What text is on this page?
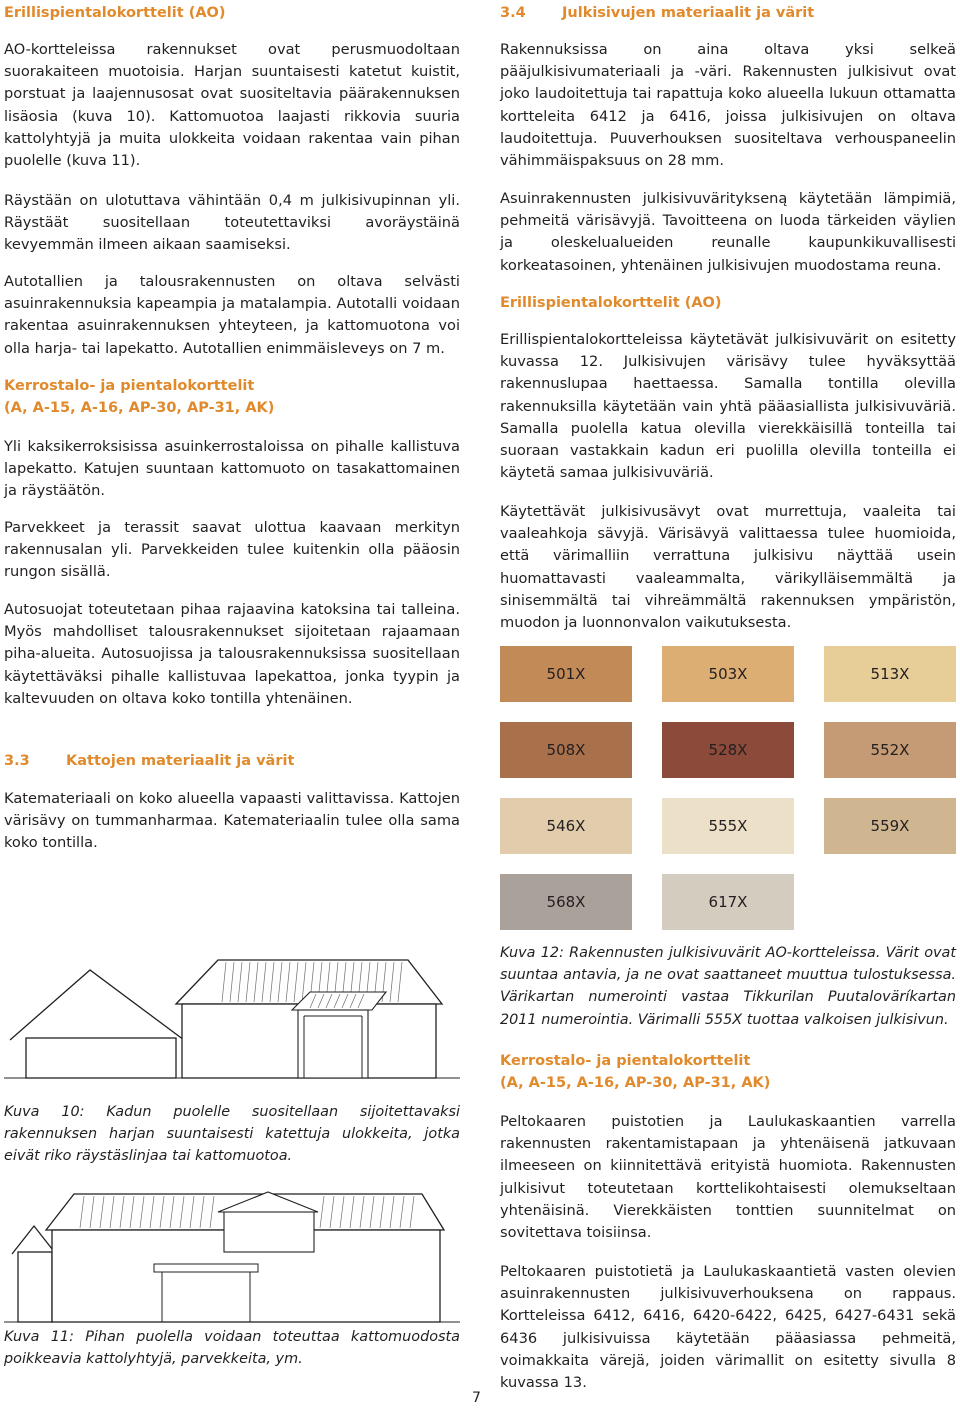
Erillispientalokorttelit (AO)

AO-kortteleissa rakennukset ovat perusmuodoltaan suorakaiteen muotoisia. Harjan suuntaisesti katetut kuistit, porstuat ja laajennusosat ovat suositeltavia päärakennuksen lisäosia (kuva 10). Kattomuotoa laajasti rikkovia suuria kattolyhtyjä ja muita ulokkeita voidaan rakentaa vain pihan puolelle (kuva 11).

Räystään on ulotuttava vähintään 0,4 m julkisivupinnan yli. Räystäät suositellaan toteutettaviksi avoräystäinä kevyemmän ilmeen aikaan saamiseksi.

Autotallien ja talousrakennusten on oltava selvästi asuinrakennuksia kapeampia ja matalampia. Autotalli voidaan rakentaa asuinrakennuksen yhteyteen, ja kattomuotona voi olla harja- tai lapekatto. Autotallien enimmäisleveys on 7 m.

Kerrostalo- ja pientalokorttelit
(A, A-15, A-16, AP-30, AP-31, AK)

Yli kaksikerroksisissa asuinkerrostaloissa on pihalle kallistuva lapekatto. Katujen suuntaan kattomuoto on tasakattomainen ja räystäätön.

Parvekkeet ja terassit saavat ulottua kaavaan merkityn rakennusalan yli. Parvekkeiden tulee kuitenkin olla pääosin rungon sisällä.

Autosuojat toteutetaan pihaa rajaavina katoksina tai talleina. Myös mahdolliset talousrakennukset sijoitetaan rajaamaan piha-alueita. Autosuojissa ja talousrakennuksissa suositellaan käytettäväksi pihalle kallistuvaa lapekattoa, jonka tyypin ja kaltevuuden on oltava koko tontilla yhtenäinen.

3.3	Kattojen materiaalit ja värit

Katemateriaali on koko alueella vapaasti valittavissa. Kattojen värisävy on tummanharmaa. Katemateriaalin tulee olla sama koko tontilla.

Kuva 10: Kadun puolelle suositellaan sijoitettavaksi rakennuksen harjan suuntaisesti katettuja ulokkeita, jotka eivät riko räystäslinjaa tai kattomuotoa.

Kuva 11: Pihan puolella voidaan toteuttaa kattomuodosta poikkeavia kattolyhtyjä, parvekkeita, ym.

3.4	Julkisivujen materiaalit ja värit

Rakennuksissa on aina oltava yksi selkeä pääjulkisivumateriaali ja -väri. Rakennusten julkisivut ovat joko laudoitettuja tai rapattuja koko alueella lukuun ottamatta kortteleita 6412 ja 6416, joissa julkisivujen on oltava laudoitettuja. Puuverhouksen suositeltava verhouspaneelin vähimmäispaksuus on 28 mm.

Asuinrakennusten julkisivuväritykseną käytetään lämpimiä, pehmeitä värisävyjä. Tavoitteena on luoda tärkeiden väylien ja oleskelualueiden reunalle kaupunkikuvallisesti korkeatasoinen, yhtenäinen julkisivujen muodostama reuna.

Erillispientalokorttelit (AO)

Erillispientalokortteleissa käytetävät julkisivuvärit on esitetty kuvassa 12. Julkisivujen värisävy tulee hyväksyttää rakennuslupaa haettaessa. Samalla tontilla olevilla rakennuksilla käytetään vain yhtä pääasiallista julkisivuväriä. Samalla puolella katua olevilla vierekkäisillä tonteilla tai suoraan vastakkain kadun eri puolilla olevilla tonteilla ei käytetä samaa julkisivuväriä.

Käytettävät julkisivusävyt ovat murrettuja, vaaleita tai vaaleahkoja sävyjä. Värisävyä valittaessa tulee huomioida, että värimalliin verrattuna julkisivu näyttää usein huomattavasti vaaleammalta, värikylläisemmältä ja sinisemmältä tai vihreämmältä rakennuksen ympäristön, muodon ja luonnonvalon vaikutuksesta.

501X	503X	513X
508X	528X	552X
546X	555X	559X
568X	617X

Kuva 12: Rakennusten julkisivuvärit AO-kortteleissa. Värit ovat suuntaa antavia, ja ne ovat saattaneet muuttua tulostuksessa. Värikartan numerointi vastaa Tikkurilan Puutaloväríkartan 2011 numerointia. Värimalli 555X tuottaa valkoisen julkisivun.

Kerrostalo- ja pientalokorttelit
(A, A-15, A-16, AP-30, AP-31, AK)

Peltokaaren puistotien ja Laulukaskaantien varrella rakennusten rakentamistapaan ja yhtenäisenä jatkuvaan ilmeeseen on kiinnitettävä erityistä huomiota. Rakennusten julkisivut toteutetaan korttelikohtaisesti olemukseltaan yhtenäisinä. Vierekkäisten tonttien suunnitelmat on sovitettava toisiinsa.

Peltokaaren puistotietä ja Laulukaskaantietä vasten olevien asuinrakennusten julkisivuverhouksena on rappaus. Kortteleissa 6412, 6416, 6420-6422, 6425, 6427-6431 sekä 6436 julkisivuissa käytetään pääasiassa pehmeitä, voimakkaita värejä, joiden värimallit on esitetty sivulla 8 kuvassa 13.

7
